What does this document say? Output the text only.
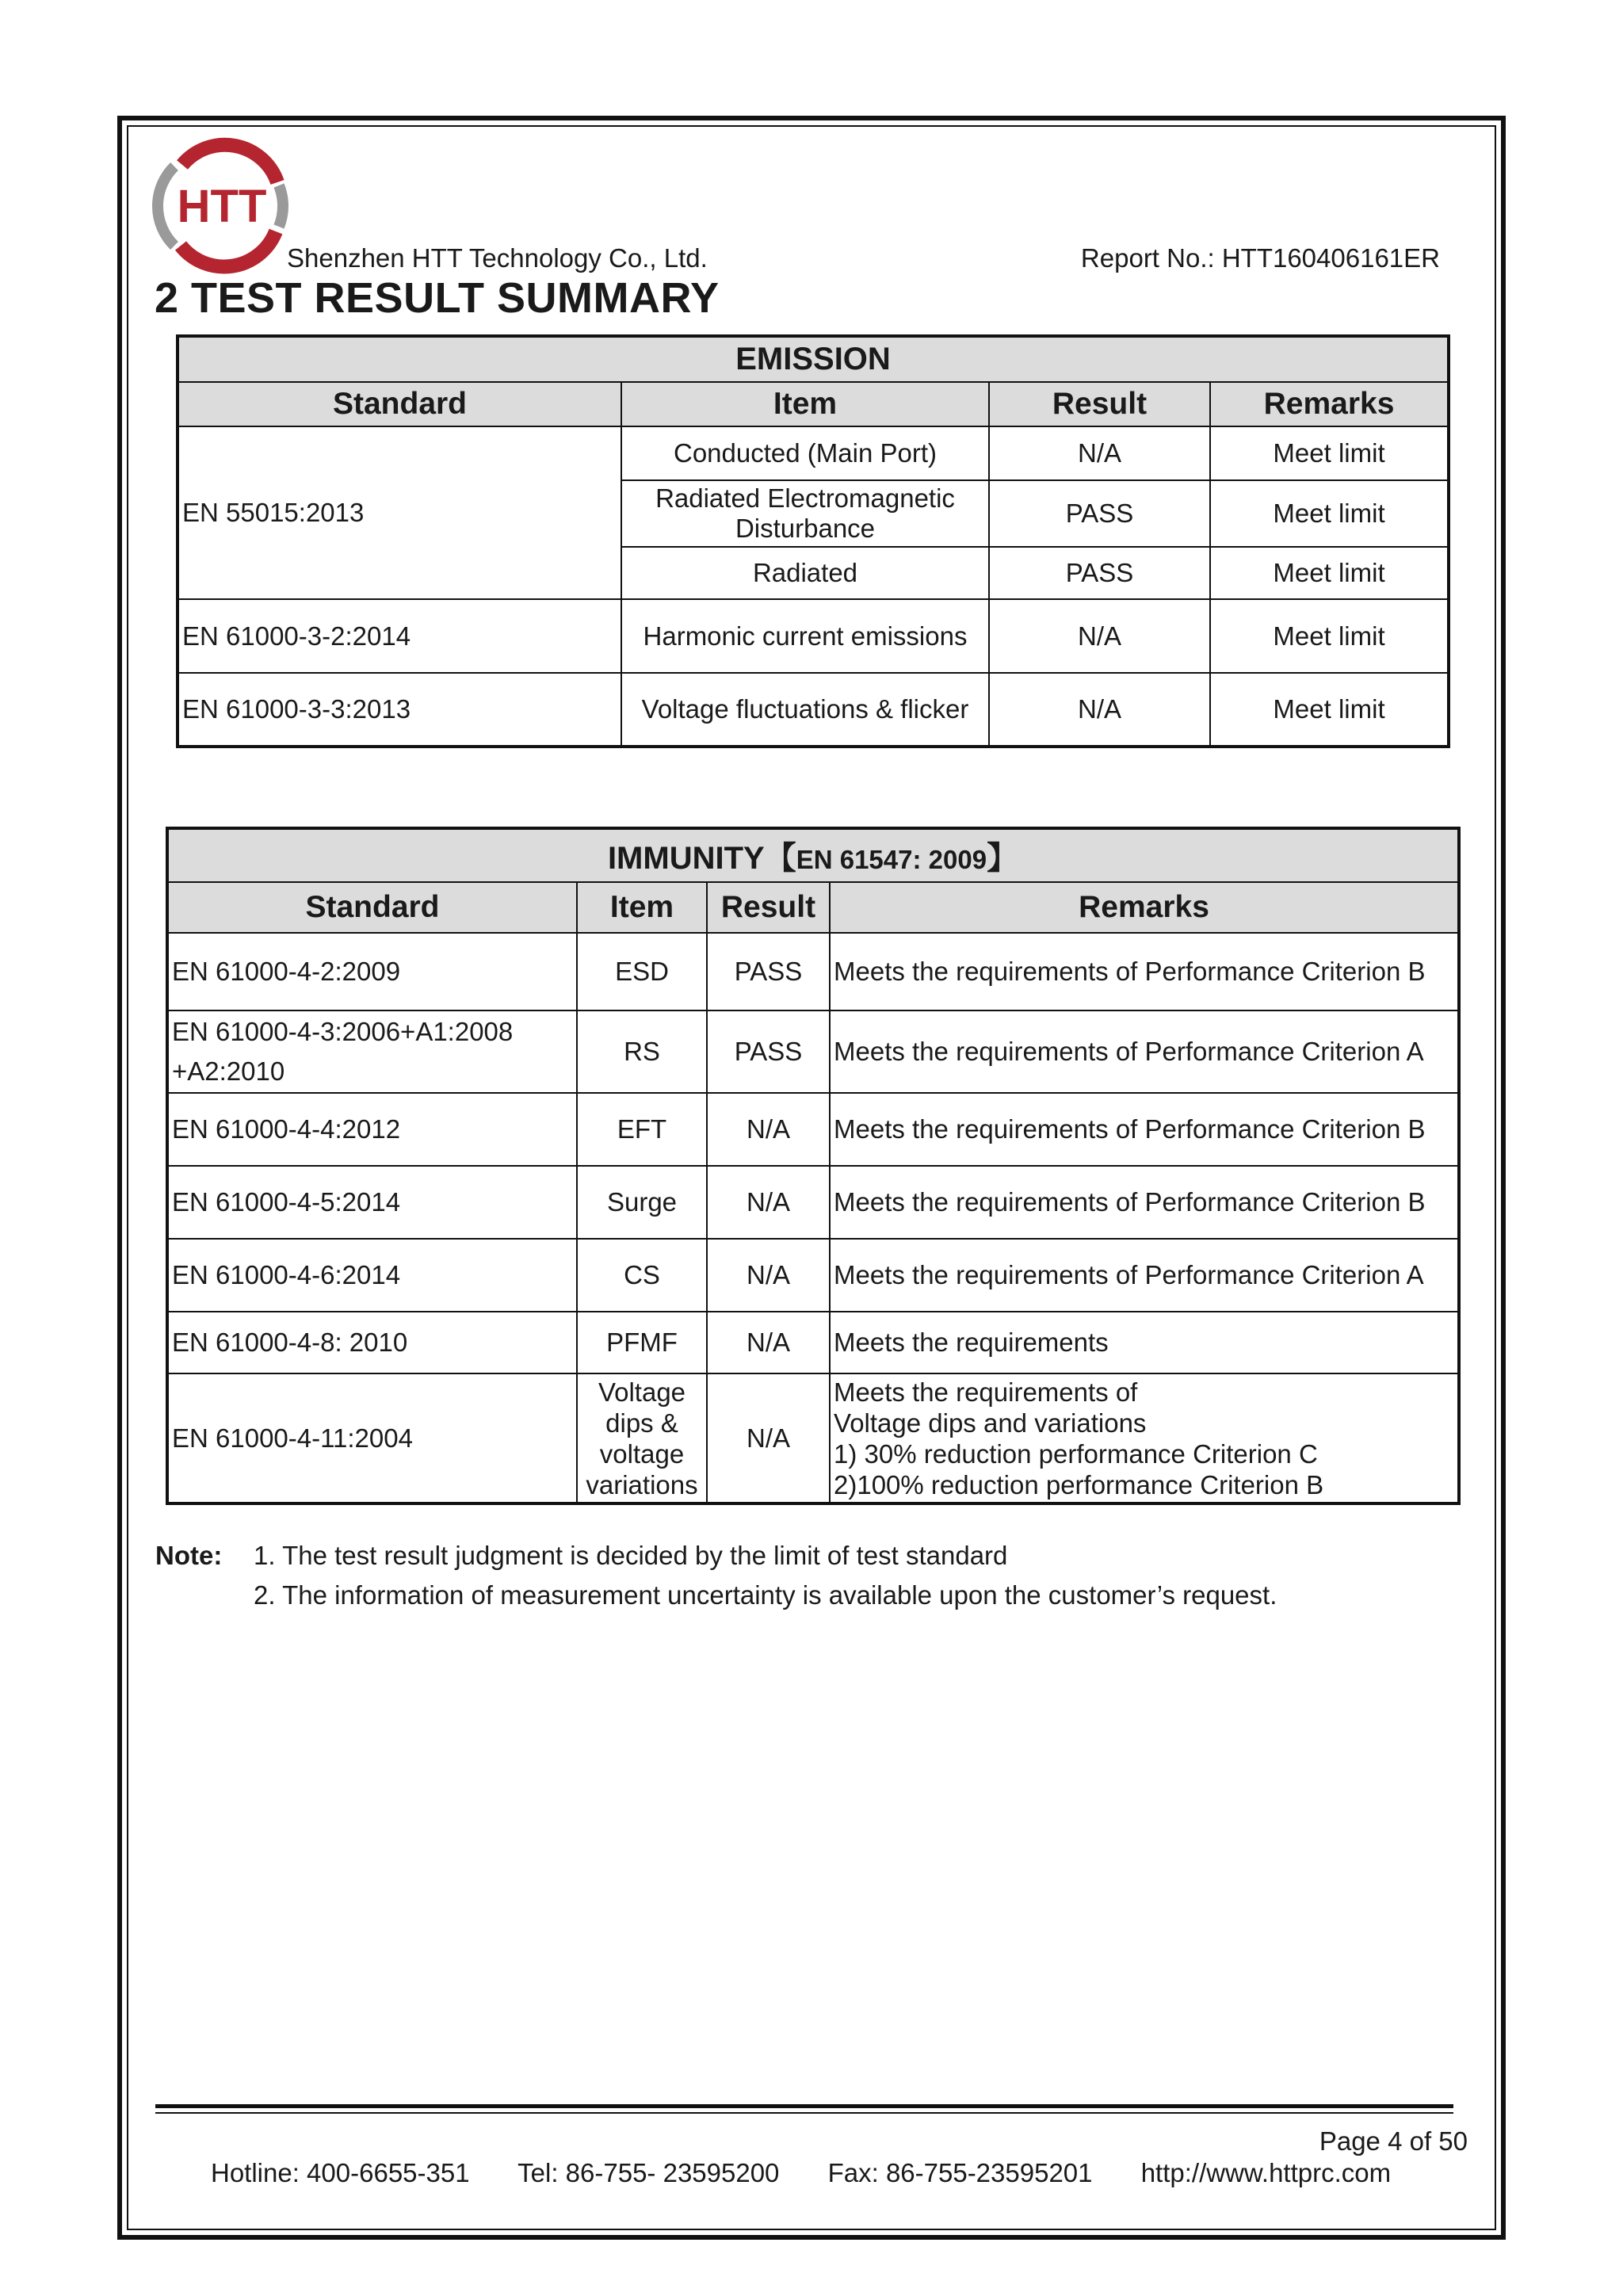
HTT
Shenzhen HTT Technology Co., Ltd.	Report No.: HTT160406161ER
2 TEST RESULT SUMMARY
EMISSION			
Standard	Item	Result	Remarks
EN 55015:2013	Conducted (Main Port)	N/A	Meet limit
	Radiated Electromagnetic Disturbance	PASS	Meet limit
	Radiated	PASS	Meet limit
EN 61000-3-2:2014	Harmonic current emissions	N/A	Meet limit
EN 61000-3-3:2013	Voltage fluctuations & flicker	N/A	Meet limit
IMMUNITY【EN 61547: 2009】			
Standard	Item	Result	Remarks
EN 61000-4-2:2009	ESD	PASS	Meets the requirements of Performance Criterion B
EN 61000-4-3:2006+A1:2008 +A2:2010	RS	PASS	Meets the requirements of Performance Criterion A
EN 61000-4-4:2012	EFT	N/A	Meets the requirements of Performance Criterion B
EN 61000-4-5:2014	Surge	N/A	Meets the requirements of Performance Criterion B
EN 61000-4-6:2014	CS	N/A	Meets the requirements of Performance Criterion A
EN 61000-4-8: 2010	PFMF	N/A	Meets the requirements
EN 61000-4-11:2004	Voltage dips & voltage variations	N/A	Meets the requirements of
Voltage dips and variations
1) 30% reduction performance Criterion C
2)100% reduction performance Criterion B
Note: 1. The test result judgment is decided by the limit of test standard
2. The information of measurement uncertainty is available upon the customer’s request.
Page 4 of 50
Hotline: 400-6655-351 Tel: 86-755- 23595200 Fax: 86-755-23595201 http://www.httprc.com
